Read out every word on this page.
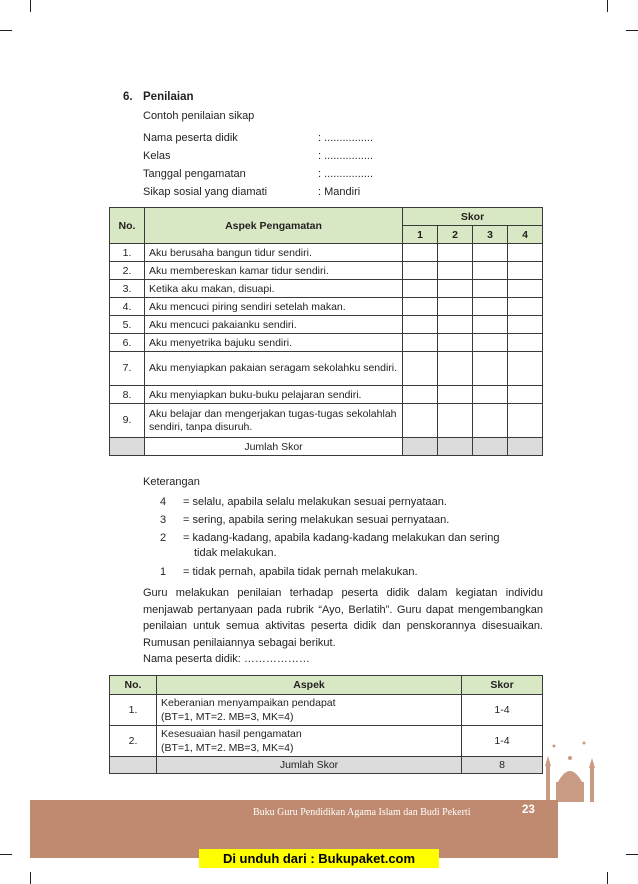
6. Penilaian
Contoh penilaian sikap
Nama peserta didik	: ................
Kelas	: ................
Tanggal pengamatan	: ................
Sikap sosial yang diamati	: Mandiri
No.	Aspek Pengamatan	Skor			
		1	2	3	4
1.	Aku berusaha bangun tidur sendiri.				
2.	Aku membereskan kamar tidur sendiri.				
3.	Ketika aku makan, disuapi.				
4.	Aku mencuci piring sendiri setelah makan.				
5.	Aku mencuci pakaianku sendiri.				
6.	Aku menyetrika bajuku sendiri.				
7.	Aku menyiapkan pakaian seragam sekolahku sendiri.				
8.	Aku menyiapkan buku-buku pelajaran sendiri.				
9.	Aku belajar dan mengerjakan tugas-tugas sekolahlah sendiri, tanpa disuruh.				
	Jumlah Skor				
Keterangan
4 = selalu, apabila selalu melakukan sesuai pernyataan.
3 = sering, apabila sering melakukan sesuai pernyataan.
2 = kadang-kadang, apabila kadang-kadang melakukan dan sering
tidak melakukan.
1 = tidak pernah, apabila tidak pernah melakukan.
Guru melakukan penilaian terhadap peserta didik dalam kegiatan individu menjawab pertanyaan pada rubrik “Ayo, Berlatih”. Guru dapat mengembangkan penilaian untuk semua aktivitas peserta didik dan penskorannya disesuaikan. Rumusan penilaiannya sebagai berikut.
Nama peserta didik: ………………
No.	Aspek	Skor
1.	Keberanian menyampaikan pendapat
(BT=1, MT=2. MB=3, MK=4)	1-4
2.	Kesesuaian hasil pengamatan
(BT=1, MT=2. MB=3, MK=4)	1-4
	Jumlah Skor	8
Buku Guru Pendidikan Agama Islam dan Budi Pekerti	23
Di unduh dari : Bukupaket.com
